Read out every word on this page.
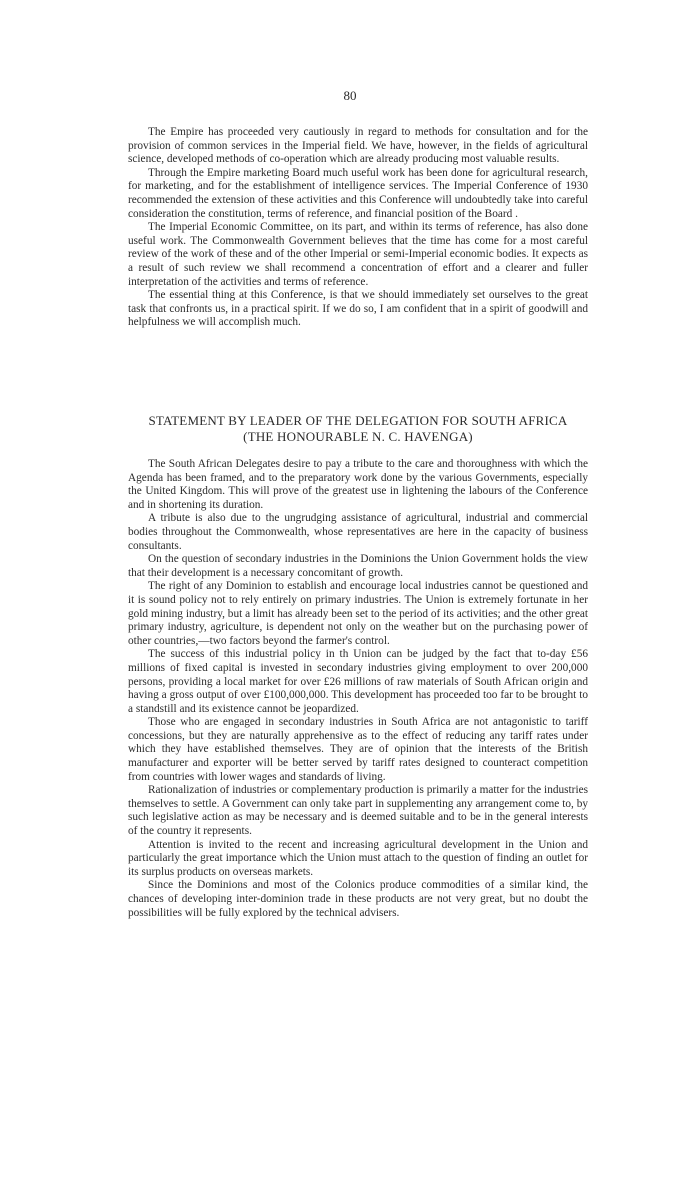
80

The Empire has proceeded very cautiously in regard to methods for consultation and for the provision of common services in the Imperial field. We have, however, in the fields of agricultural science, developed methods of co-operation which are already producing most valuable results.

Through the Empire marketing Board much useful work has been done for agricultural research, for marketing, and for the establishment of intelligence services. The Imperial Conference of 1930 recommended the extension of these activities and this Conference will undoubtedly take into careful consideration the constitution, terms of reference, and financial position of the Board .

The Imperial Economic Committee, on its part, and within its terms of reference, has also done useful work. The Commonwealth Government believes that the time has come for a most careful review of the work of these and of the other Imperial or semi-Imperial economic bodies. It expects as a result of such review we shall recommend a concentration of effort and a clearer and fuller interpretation of the activities and terms of reference.

The essential thing at this Conference, is that we should immediately set ourselves to the great task that confronts us, in a practical spirit. If we do so, I am confident that in a spirit of goodwill and helpfulness we will accomplish much.

STATEMENT BY LEADER OF THE DELEGATION FOR SOUTH AFRICA
(THE HONOURABLE N. C. HAVENGA)

The South African Delegates desire to pay a tribute to the care and thoroughness with which the Agenda has been framed, and to the preparatory work done by the various Governments, especially the United Kingdom. This will prove of the greatest use in lightening the labours of the Conference and in shortening its duration.

A tribute is also due to the ungrudging assistance of agricultural, industrial and commercial bodies throughout the Commonwealth, whose representatives are here in the capacity of business consultants.

On the question of secondary industries in the Dominions the Union Government holds the view that their development is a necessary concomitant of growth.

The right of any Dominion to establish and encourage local industries cannot be questioned and it is sound policy not to rely entirely on primary industries. The Union is extremely fortunate in her gold mining industry, but a limit has already been set to the period of its activities; and the other great primary industry, agriculture, is dependent not only on the weather but on the purchasing power of other countries,—two factors beyond the farmer's control.

The success of this industrial policy in th Union can be judged by the fact that to-day £56 millions of fixed capital is invested in secondary industries giving employment to over 200,000 persons, providing a local market for over £26 millions of raw materials of South African origin and having a gross output of over £100,000,000. This development has proceeded too far to be brought to a standstill and its existence cannot be jeopardized.

Those who are engaged in secondary industries in South Africa are not antagonistic to tariff concessions, but they are naturally apprehensive as to the effect of reducing any tariff rates under which they have established themselves. They are of opinion that the interests of the British manufacturer and exporter will be better served by tariff rates designed to counteract competition from countries with lower wages and standards of living.

Rationalization of industries or complementary production is primarily a matter for the industries themselves to settle. A Government can only take part in supplementing any arrangement come to, by such legislative action as may be necessary and is deemed suitable and to be in the general interests of the country it represents.

Attention is invited to the recent and increasing agricultural development in the Union and particularly the great importance which the Union must attach to the question of finding an outlet for its surplus products on overseas markets.

Since the Dominions and most of the Colonics produce commodities of a similar kind, the chances of developing inter-dominion trade in these products are not very great, but no doubt the possibilities will be fully explored by the technical advisers.
